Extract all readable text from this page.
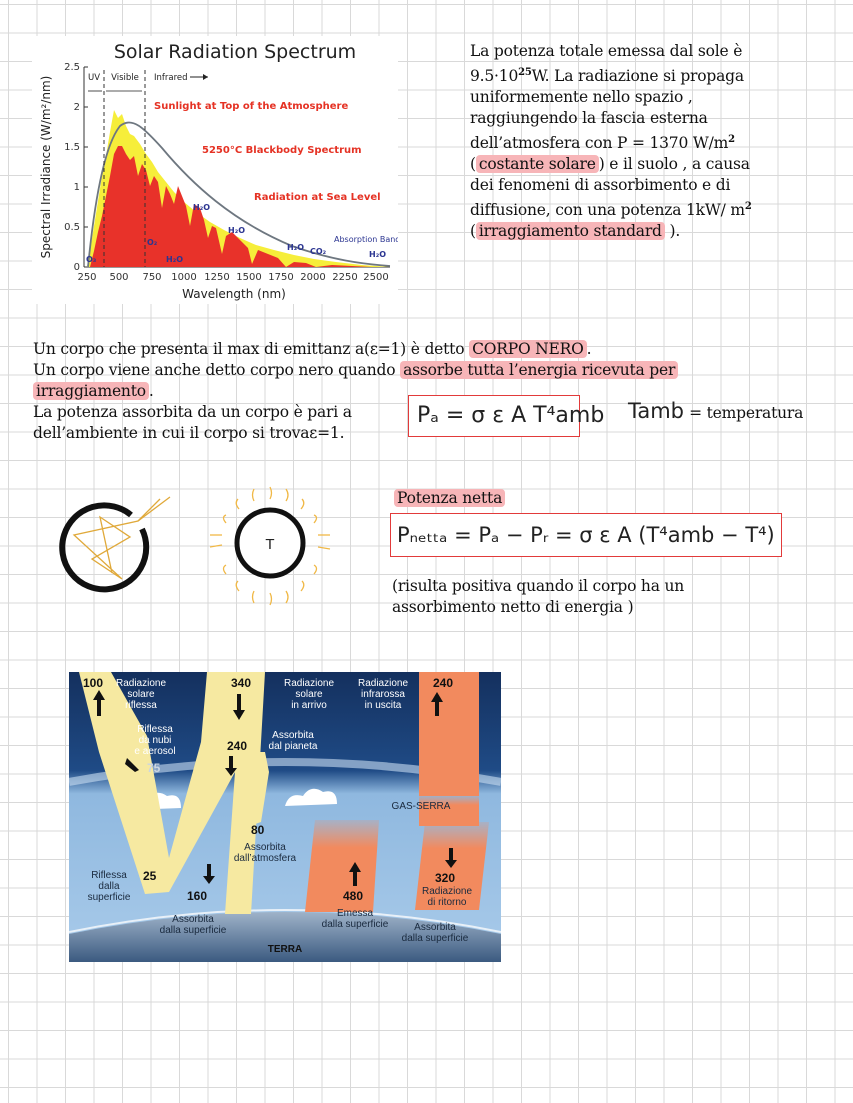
Solar Radiation Spectrum
0
0.5
1
1.5
2
2.5
Spectral Irradiance (W/m²/nm)
250 500 750 1000 1250 1500 1750 2000 2250 2500
Wavelength (nm)
UV Visible Infrared
Sunlight at Top of the Atmosphere
5250°C Blackbody Spectrum
Radiation at Sea Level
Absorption Bands
H₂O
H₂O
O₂
H₂O
O₃
H₂O CO₂	H₂O
La potenza totale emessa dal sole è
$9.5\cdot 10^{25}W$. La radiazione si propaga
uniformemente nello spazio ,
raggiungendo la fascia esterna
dell’atmosfera con P = 1370 $W/m^2$
( costante solare ) e il suolo , a causa
dei fenomeni di assorbimento e di
diffusione, con una potenza 1kW/ $m^2$
( irraggiamento standard ).
Un corpo che presenta il max di emittanz a(ε=1) è detto CORPO NERO .
Un corpo viene anche detto corpo nero quando assorbe tutta l’energia ricevuta per
irraggiamento .
La potenza assorbita da un corpo è pari a
dell’ambiente in cui il corpo si trovaε=1.
Pₐ = σ ε A T⁴amb Tamb = temperatura
T
Potenza netta
Pₙₑₜₜₐ = Pₐ − Pᵣ = σ ε A (T⁴amb − T⁴)
(risulta positiva quando il corpo ha un
assorbimento netto di energia )
100	340
240
240
75
25
160
80
480
320
Radiazione solare riflessa
Radiazione solare in arrivo
Radiazione infrarossa in uscita
Riflessa da nubi e aerosol
Assorbita dal pianeta
GAS-SERRA
Assorbita dall’atmosfera
Riflessa dalla superficie
Assorbita dalla superficie
Emessa dalla superficie
Radiazione di ritorno
Assorbita dalla superficie
TERRA
